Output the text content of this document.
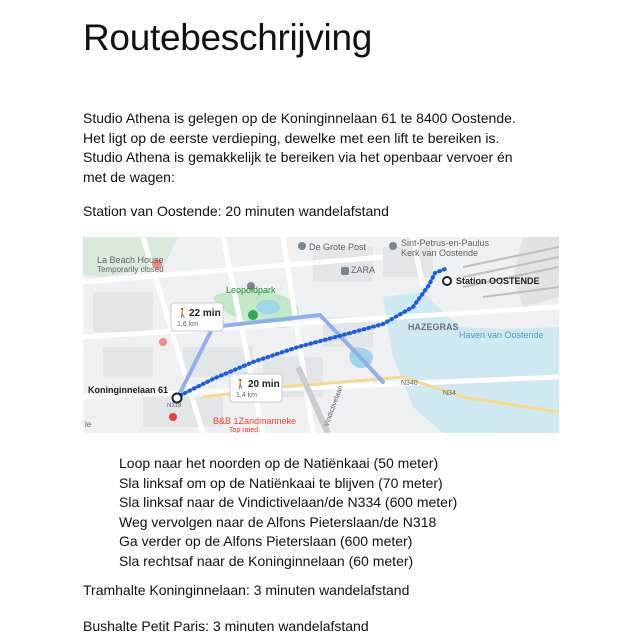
Routebeschrijving

Studio Athena is gelegen op de Koninginnelaan 61 te 8400 Oostende.

Het ligt op de eerste verdieping, dewelke met een lift te bereiken is.

Studio Athena is gemakkelijk te bereiken via het openbaar vervoer én

met de wagen:

Station van Oostende: 20 minuten wandelafstand
De Grote Post	Sint-Petrus-en-Paulus
Kerk van Oostende
ZARA
La Beach House
Temporarily closed
Leopoldpark
HAZEGRAS
Haven van Oostende
B&B 1Zandmanneke
Top rated
N340
N318
N34
Vindictivelaan
le
Station OOSTENDE
Koninginnelaan 61
🚶 22 min
1,6 km
🚶 20 min
1,4 km
Loop naar het noorden op de Natiënkaai (50 meter)
Sla linksaf om op de Natiënkaai te blijven (70 meter)
Sla linksaf naar de Vindictivelaan/de N334 (600 meter)
Weg vervolgen naar de Alfons Pieterslaan/de N318
Ga verder op de Alfons Pieterslaan (600 meter)
Sla rechtsaf naar de Koninginnelaan (60 meter)
Tramhalte Koninginnelaan: 3 minuten wandelafstand
Bushalte Petit Paris: 3 minuten wandelafstand
